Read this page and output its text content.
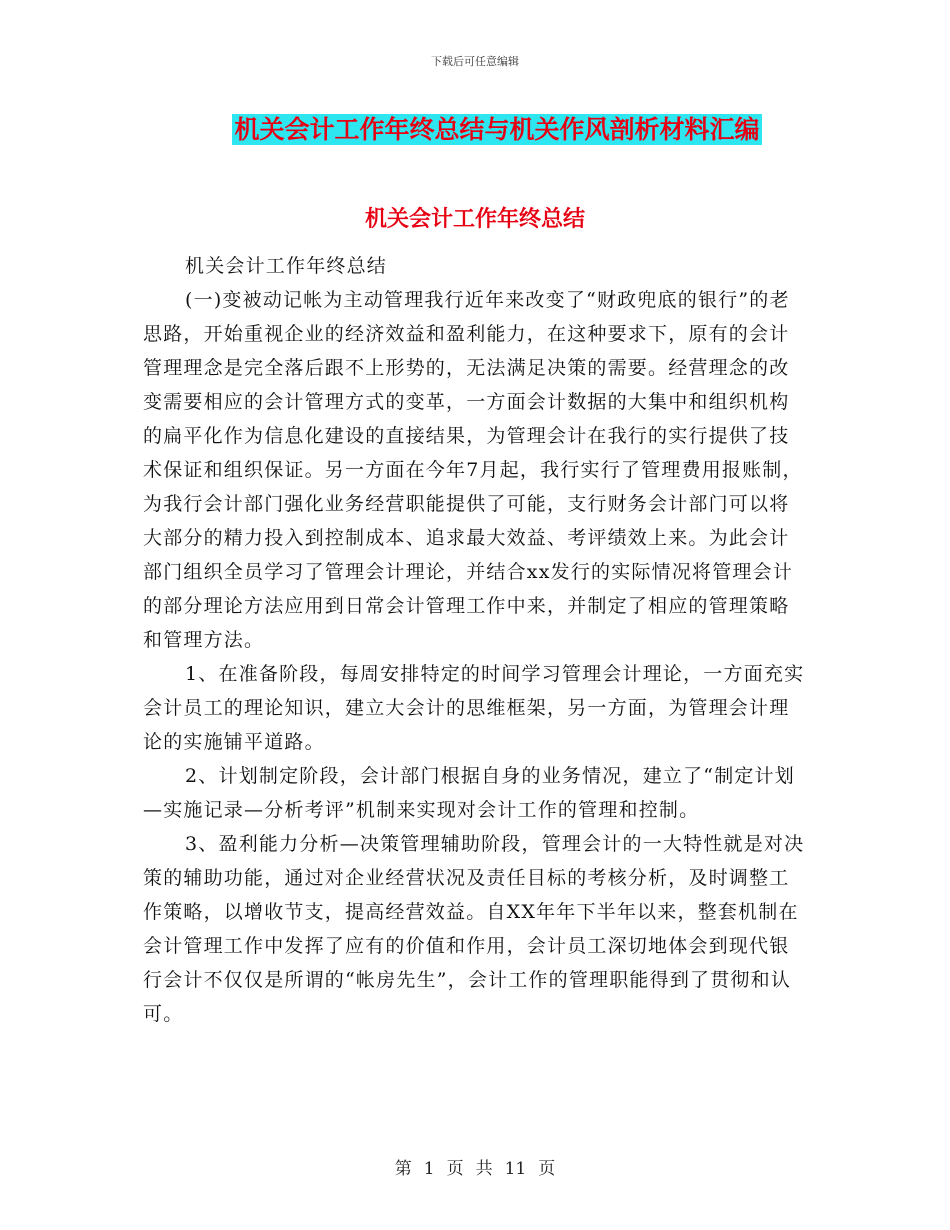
下载后可任意编辑
机关会计工作年终总结与机关作风剖析材料汇编
机关会计工作年终总结

机关会计工作年终总结

(一)变被动记帐为主动管理我行近年来改变了“财政兜底的银行”的老思路，开始重视企业的经济效益和盈利能力，在这种要求下，原有的会计管理理念是完全落后跟不上形势的，无法满足决策的需要。经营理念的改变需要相应的会计管理方式的变革，一方面会计数据的大集中和组织机构的扁平化作为信息化建设的直接结果，为管理会计在我行的实行提供了技术保证和组织保证。另一方面在今年7月起，我行实行了管理费用报账制，为我行会计部门强化业务经营职能提供了可能，支行财务会计部门可以将大部分的精力投入到控制成本、追求最大效益、考评绩效上来。为此会计部门组织全员学习了管理会计理论，并结合xx发行的实际情况将管理会计的部分理论方法应用到日常会计管理工作中来，并制定了相应的管理策略和管理方法。

1、在准备阶段，每周安排特定的时间学习管理会计理论，一方面充实会计员工的理论知识，建立大会计的思维框架，另一方面，为管理会计理论的实施铺平道路。

2、计划制定阶段，会计部门根据自身的业务情况，建立了“制定计划—实施记录—分析考评”机制来实现对会计工作的管理和控制。

3、盈利能力分析—决策管理辅助阶段，管理会计的一大特性就是对决策的辅助功能，通过对企业经营状况及责任目标的考核分析，及时调整工作策略，以增收节支，提高经营效益。自XX年年下半年以来，整套机制在会计管理工作中发挥了应有的价值和作用，会计员工深切地体会到现代银行会计不仅仅是所谓的“帐房先生”，会计工作的管理职能得到了贯彻和认可。

第 1 页 共 11 页
